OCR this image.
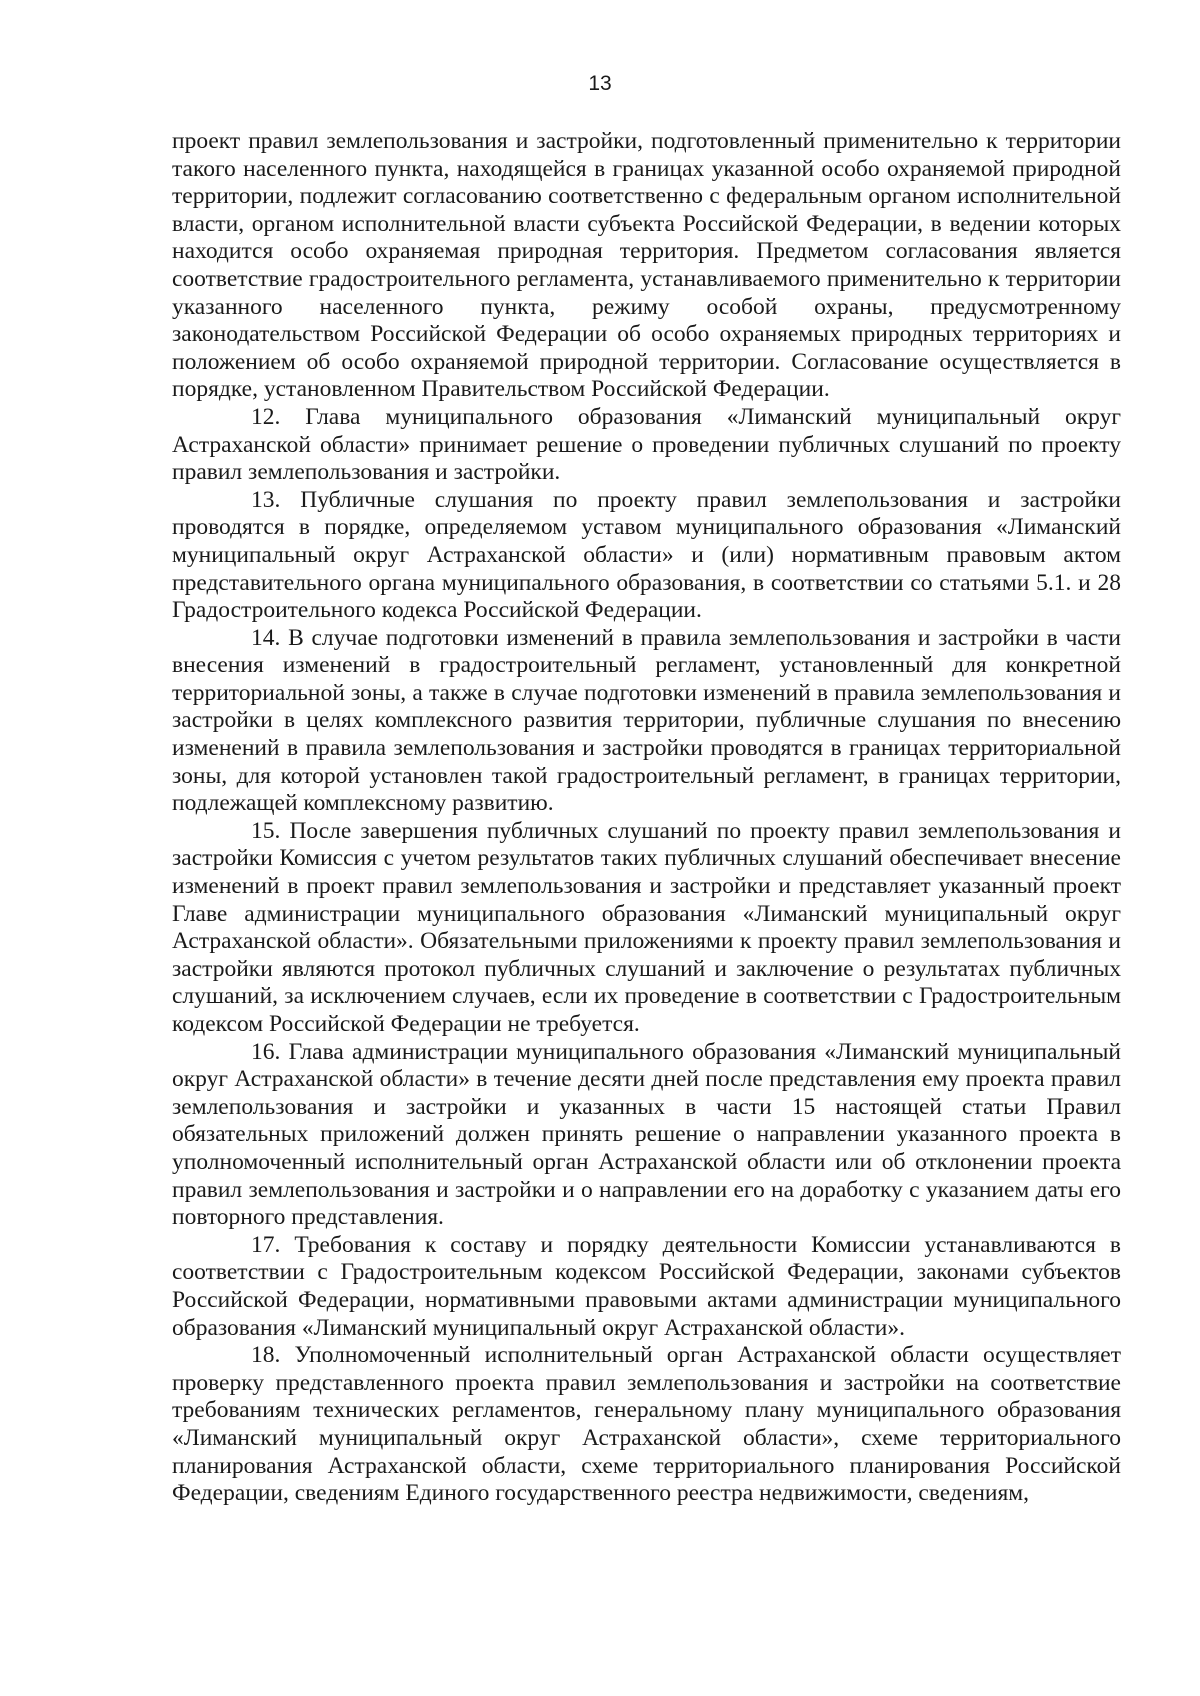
13

проект правил землепользования и застройки, подготовленный применительно к территории такого населенного пункта, находящейся в границах указанной особо охраняемой природной территории, подлежит согласованию соответственно с федеральным органом исполнительной власти, органом исполнительной власти субъекта Российской Федерации, в ведении которых находится особо охраняемая природная территория. Предметом согласования является соответствие градостроительного регламента, устанавливаемого применительно к территории указанного населенного пункта, режиму особой охраны, предусмотренному законодательством Российской Федерации об особо охраняемых природных территориях и положением об особо охраняемой природной территории. Согласование осуществляется в порядке, установленном Правительством Российской Федерации.

12. Глава муниципального образования «Лиманский муниципальный округ Астраханской области» принимает решение о проведении публичных слушаний по проекту правил землепользования и застройки.

13. Публичные слушания по проекту правил землепользования и застройки проводятся в порядке, определяемом уставом муниципального образования «Лиманский муниципальный округ Астраханской области» и (или) нормативным правовым актом представительного органа муниципального образования, в соответствии со статьями 5.1. и 28 Градостроительного кодекса Российской Федерации.

14. В случае подготовки изменений в правила землепользования и застройки в части внесения изменений в градостроительный регламент, установленный для конкретной территориальной зоны, а также в случае подготовки изменений в правила землепользования и застройки в целях комплексного развития территории, публичные слушания по внесению изменений в правила землепользования и застройки проводятся в границах территориальной зоны, для которой установлен такой градостроительный регламент, в границах территории, подлежащей комплексному развитию.

15. После завершения публичных слушаний по проекту правил землепользования и застройки Комиссия с учетом результатов таких публичных слушаний обеспечивает внесение изменений в проект правил землепользования и застройки и представляет указанный проект Главе администрации муниципального образования «Лиманский муниципальный округ Астраханской области». Обязательными приложениями к проекту правил землепользования и застройки являются протокол публичных слушаний и заключение о результатах публичных слушаний, за исключением случаев, если их проведение в соответствии с Градостроительным кодексом Российской Федерации не требуется.

16. Глава администрации муниципального образования «Лиманский муниципальный округ Астраханской области» в течение десяти дней после представления ему проекта правил землепользования и застройки и указанных в части 15 настоящей статьи Правил обязательных приложений должен принять решение о направлении указанного проекта в уполномоченный исполнительный орган Астраханской области или об отклонении проекта правил землепользования и застройки и о направлении его на доработку с указанием даты его повторного представления.

17. Требования к составу и порядку деятельности Комиссии устанавливаются в соответствии с Градостроительным кодексом Российской Федерации, законами субъектов Российской Федерации, нормативными правовыми актами администрации муниципального образования «Лиманский муниципальный округ Астраханской области».

18. Уполномоченный исполнительный орган Астраханской области осуществляет проверку представленного проекта правил землепользования и застройки на соответствие требованиям технических регламентов, генеральному плану муниципального образования «Лиманский муниципальный округ Астраханской области», схеме территориального планирования Астраханской области, схеме территориального планирования Российской Федерации, сведениям Единого государственного реестра недвижимости, сведениям,
